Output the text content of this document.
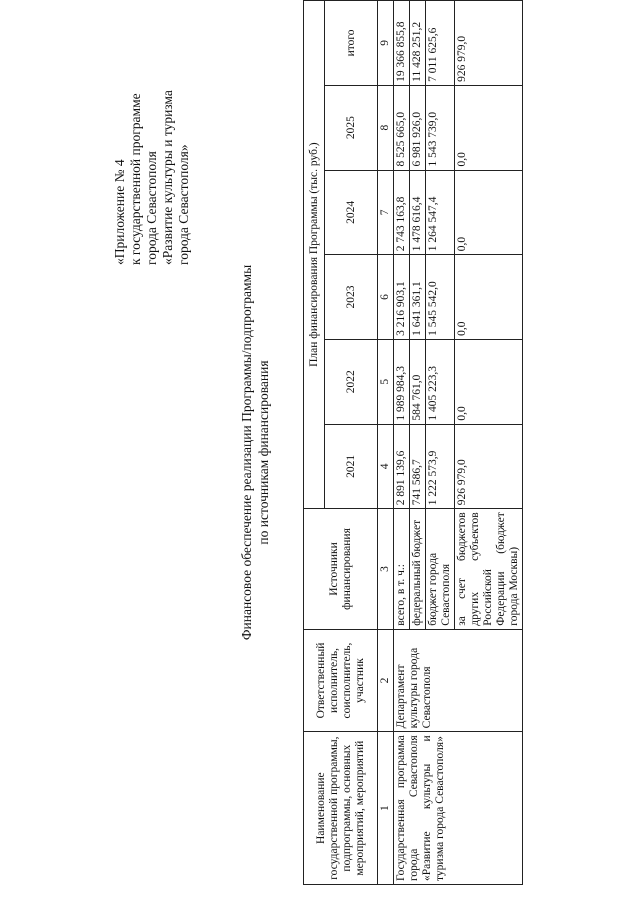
«Приложение № 4 к государственной программе города Севастополя «Развитие культуры и туризма города Севастополя»
Финансовое обеспечение реализации Программы/подпрограммы по источникам финансирования
Наименование государственной программы, подпрограммы, основных мероприятий, мероприятий	Ответственный исполнитель, соисполнитель, участник	Источники финансирования	План финансирования Программы (тыс. руб.)					
			2021	2022	2023	2024	2025	итого
1	2	3	4	5	6	7	8	9
Государственная программа города Севастополя «Развитие культуры и туризма города Севастополя»	Департамент культуры города Севастополя	всего, в т. ч.:	2 891 139,6	1 989 984,3	3 216 903,1	2 743 163,8	8 525 665,0	19 366 855,8
		федеральный бюджет	741 586,7	584 761,0	1 641 361,1	1 478 616,4	6 981 926,0	11 428 251,2
		бюджет города Севастополя	1 222 573,9	1 405 223,3	1 545 542,0	1 264 547,4	1 543 739,0	7 011 625,6
		за счет бюджетов других субъектов Российской Федерации (бюджет города Москвы)	926 979,0	0,0	0,0	0,0	0,0	926 979,0
